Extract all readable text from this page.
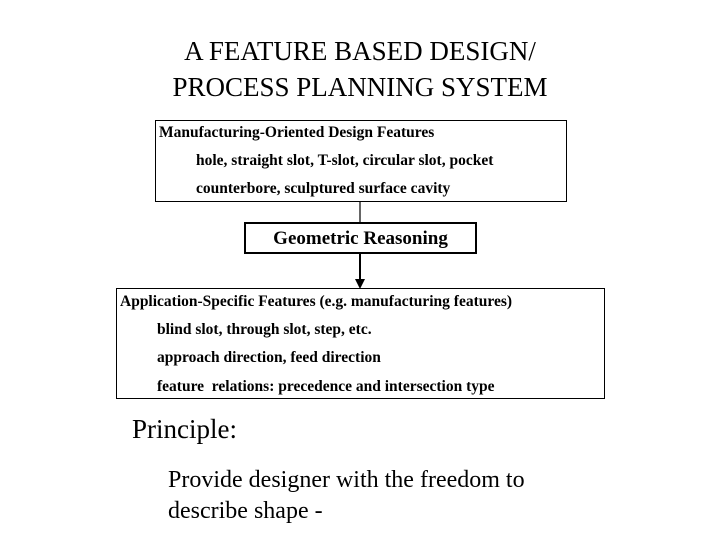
A FEATURE BASED DESIGN/
PROCESS PLANNING SYSTEM
Manufacturing-Oriented Design Features
hole, straight slot, T-slot, circular slot, pocket
counterbore, sculptured surface cavity
Geometric Reasoning
Application-Specific Features (e.g. manufacturing features)
blind slot, through slot, step, etc.
approach direction, feed direction
feature  relations: precedence and intersection type
Principle:
Provide designer with the freedom to describe shape -
